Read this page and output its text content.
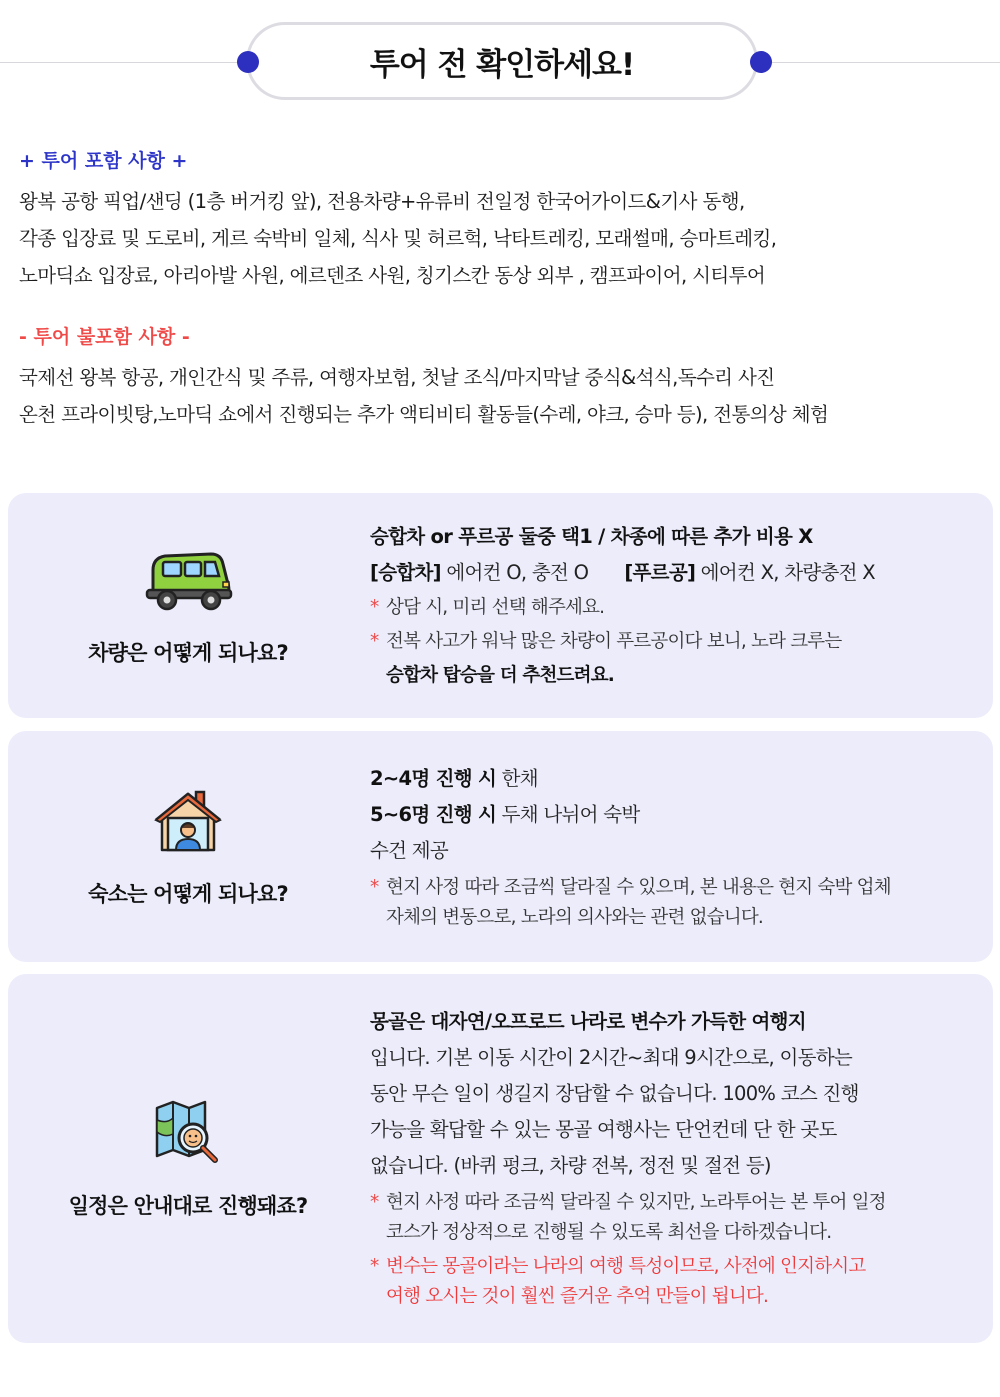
투어 전 확인하세요!
+ 투어 포함 사항 +
왕복 공항 픽업/샌딩 (1층 버거킹 앞), 전용차량+유류비 전일정 한국어가이드&기사 동행,
각종 입장료 및 도로비, 게르 숙박비 일체, 식사 및 허르헉, 낙타트레킹, 모래썰매, 승마트레킹,
노마딕쇼 입장료, 아리아발 사원, 에르덴조 사원, 칭기스칸 동상 외부 , 캠프파이어, 시티투어
- 투어 불포함 사항 -
국제선 왕복 항공, 개인간식 및 주류, 여행자보험, 첫날 조식/마지막날 중식&석식,독수리 사진
온천 프라이빗탕,노마딕 쇼에서 진행되는 추가 액티비티 활동들(수레, 야크, 승마 등), 전통의상 체험
차량은 어떻게 되나요?
승합차 or 푸르공 둘중 택1 / 차종에 따른 추가 비용 X
[승합차] 에어컨 O, 충전 O [푸르공] 에어컨 X, 차량충전 X
* 상담 시, 미리 선택 해주세요.
* 전복 사고가 워낙 많은 차량이 푸르공이다 보니, 노라 크루는
승합차 탑승을 더 추천드려요.
숙소는 어떻게 되나요?
2~4명 진행 시 한채
5~6명 진행 시 두채 나뉘어 숙박
수건 제공
* 현지 사정 따라 조금씩 달라질 수 있으며, 본 내용은 현지 숙박 업체
자체의 변동으로, 노라의 의사와는 관련 없습니다.
일정은 안내대로 진행돼죠?
몽골은 대자연/오프로드 나라로 변수가 가득한 여행지
입니다. 기본 이동 시간이 2시간~최대 9시간으로, 이동하는
동안 무슨 일이 생길지 장담할 수 없습니다. 100% 코스 진행
가능을 확답할 수 있는 몽골 여행사는 단언컨데 단 한 곳도
없습니다. (바퀴 펑크, 차량 전복, 정전 및 절전 등)
* 현지 사정 따라 조금씩 달라질 수 있지만, 노라투어는 본 투어 일정
코스가 정상적으로 진행될 수 있도록 최선을 다하겠습니다.
* 변수는 몽골이라는 나라의 여행 특성이므로, 사전에 인지하시고
여행 오시는 것이 훨씬 즐거운 추억 만들이 됩니다.
